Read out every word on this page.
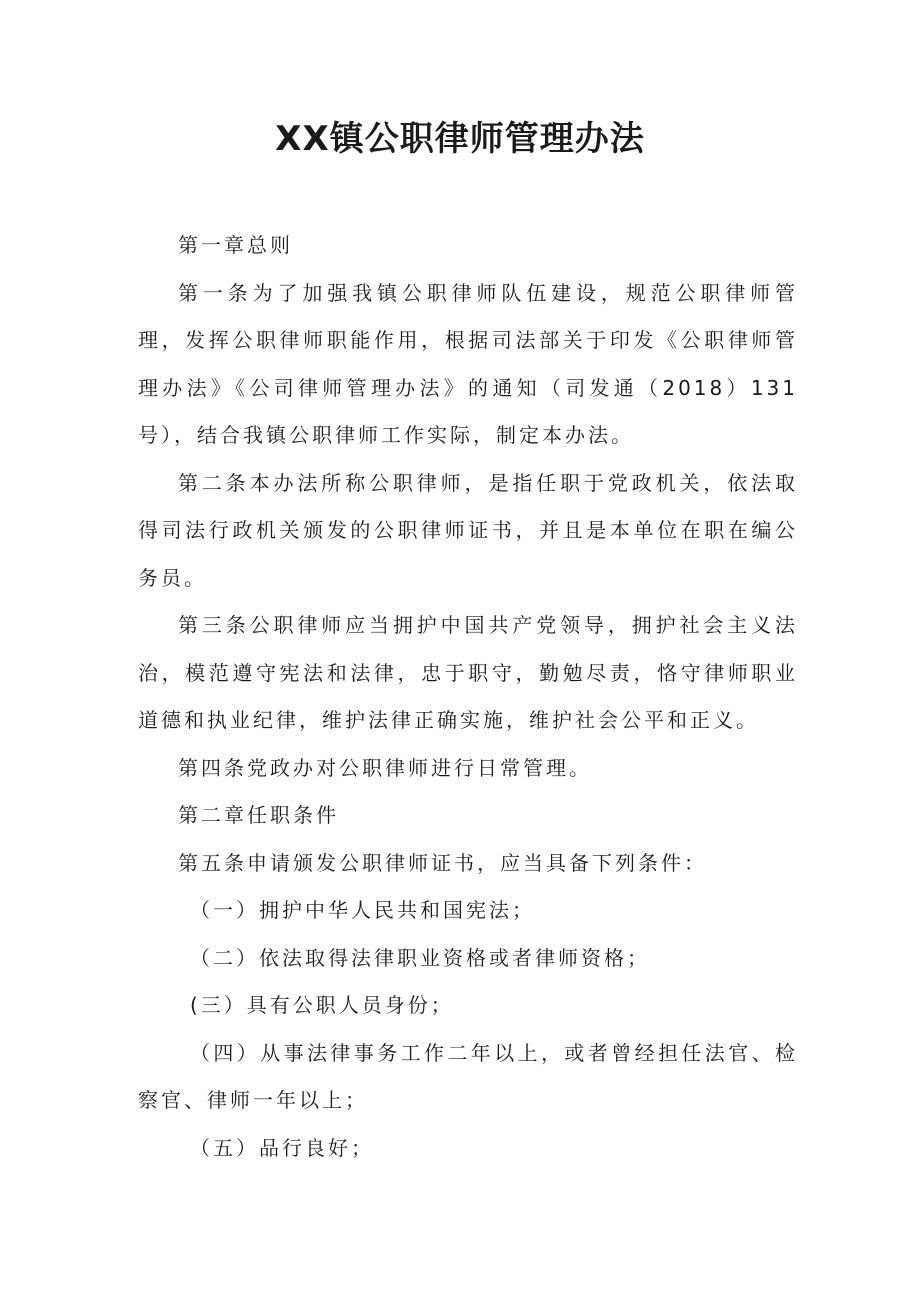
XX镇公职律师管理办法

第一章总则

第一条为了加强我镇公职律师队伍建设，规范公职律师管理，发挥公职律师职能作用，根据司法部关于印发《公职律师管理办法》《公司律师管理办法》的通知（司发通（2018）131号），结合我镇公职律师工作实际，制定本办法。

第二条本办法所称公职律师，是指任职于党政机关，依法取得司法行政机关颁发的公职律师证书，并且是本单位在职在编公务员。

第三条公职律师应当拥护中国共产党领导，拥护社会主义法治，模范遵守宪法和法律，忠于职守，勤勉尽责，恪守律师职业道德和执业纪律，维护法律正确实施，维护社会公平和正义。

第四条党政办对公职律师进行日常管理。

第二章任职条件

第五条申请颁发公职律师证书，应当具备下列条件：

（一）拥护中华人民共和国宪法；

（二）依法取得法律职业资格或者律师资格；

(三）具有公职人员身份；

（四）从事法律事务工作二年以上，或者曾经担任法官、检察官、律师一年以上；

（五）品行良好；
